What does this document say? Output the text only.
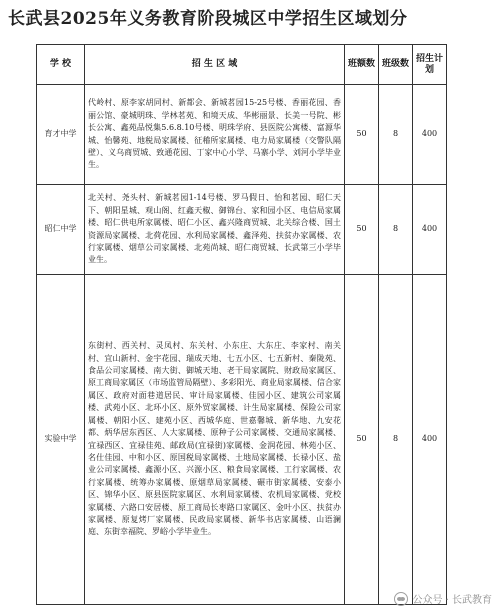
长武县2025年义务教育阶段城区中学招生区域划分
学 校	招 生 区 域	班额数	班级数	招生计划
育才中学	代岭村、原李家胡同村、新都会、新城茗园15-25号楼、香丽花园、香丽公馆、豪城明珠、学林茗苑、和境天成、华彬丽景、长美一号院、彬长公寓、鑫苑品悦集5.6.8.10号楼、明珠学府、县医院公寓楼、富源华城、怡馨苑、地税局家属楼、征稽所家属楼、电力局家属楼（交警队隔壁）、义乌商贸城、致通花园、丁家中心小学、马寨小学、刘河小学毕业生。	50	8	400
昭仁中学	北关村、尧头村、新城茗园1-14号楼、罗马假日、怡和茗园、昭仁天下、朝阳星城、观山阁、红鑫天椒、御锦台、家和园小区、电信局家属楼、昭仁供电所家属楼、昭仁小区、鑫兴隆商贸城、北关综合楼、国土资源局家属楼、北荷花园、水利局家属楼、鑫泽苑、扶贫办家属楼、农行家属楼、烟草公司家属楼、北苑尚城、昭仁商贸城、长武第三小学毕业生。	50	8	400
实验中学	东街村、西关村、灵凤村、东关村、小东庄、大东庄、李家村、南关村、宜山新村、金宇花园、瑞成天地、七五小区、七五新村、秦陇苑、食品公司家属楼、南大街、御城天地、老干局家属院、财政局家属区、原工商局家属区（市场监管局隔壁）、多彩阳光、商业局家属楼、信合家属区、政府对面巷道居民、审计局家属楼、佳园小区、建筑公司家属楼、武苑小区、北环小区、原外贸家属楼、计生局家属楼、保险公司家属楼、朝阳小区、建苑小区、西城华庭、世嘉馨城、新华地、九安花都、炳华居东西区、人大家属楼、原种子公司家属楼、交通局家属楼、宜禄西区、宜禄佳苑、邮政局(宜禄街)家属楼、金润花园、林苑小区、名仕佳园、中和小区、原国税局家属楼、土地局家属楼、长禄小区、盐业公司家属楼、鑫源小区、兴源小区、粮食局家属楼、工行家属楼、农行家属楼、统筹办家属楼、原烟草局家属楼、碾市街家属楼、安泰小区、锦华小区、原县医院家属区、水利局家属楼、农机局家属楼、党校家属楼、六路口安居楼、原工商局长枣路口家属区、金叶小区、扶贫办家属楼、原复烤厂家属楼、民政局家属楼、新华书店家属楼、山语澜庭、东街幸福院、罗峪小学毕业生。	50	8	400
公众号 · 长武教育
